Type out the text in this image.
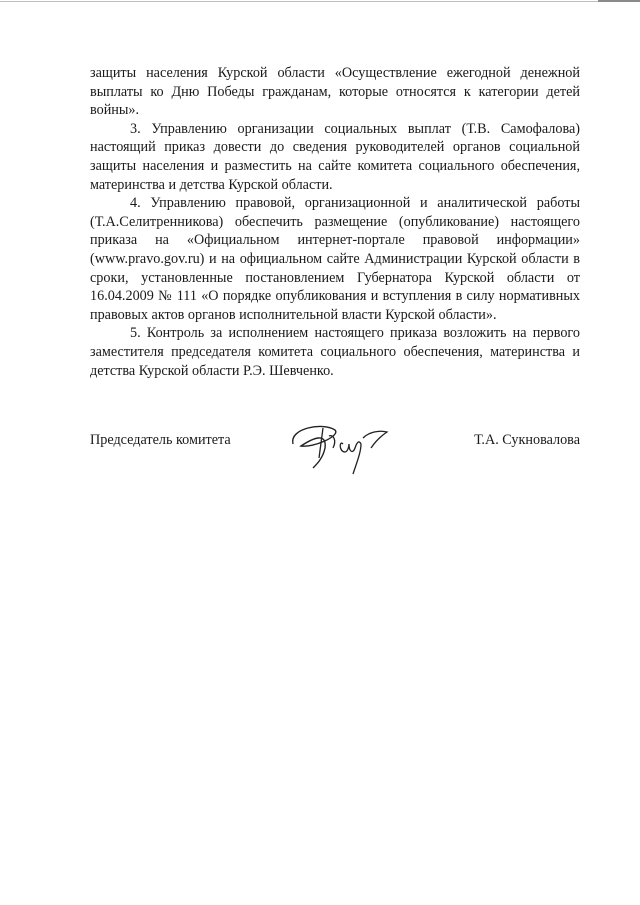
защиты населения Курской области «Осуществление ежегодной денежной выплаты ко Дню Победы гражданам, которые относятся к категории детей войны».

3. Управлению организации социальных выплат (Т.В. Самофалова) настоящий приказ довести до сведения руководителей органов социальной защиты населения и разместить на сайте комитета социального обеспечения, материнства и детства Курской области.

4. Управлению правовой, организационной и аналитической работы (Т.А.Селитренникова) обеспечить размещение (опубликование) настоящего приказа на «Официальном интернет-портале правовой информации» (www.pravo.gov.ru) и на официальном сайте Администрации Курской области в сроки, установленные постановлением Губернатора Курской области от 16.04.2009 № 111 «О порядке опубликования и вступления в силу нормативных правовых актов органов исполнительной власти Курской области».

5. Контроль за исполнением настоящего приказа возложить на первого заместителя председателя комитета социального обеспечения, материнства и детства Курской области Р.Э. Шевченко.

Председатель комитета	Т.А. Сукновалова
